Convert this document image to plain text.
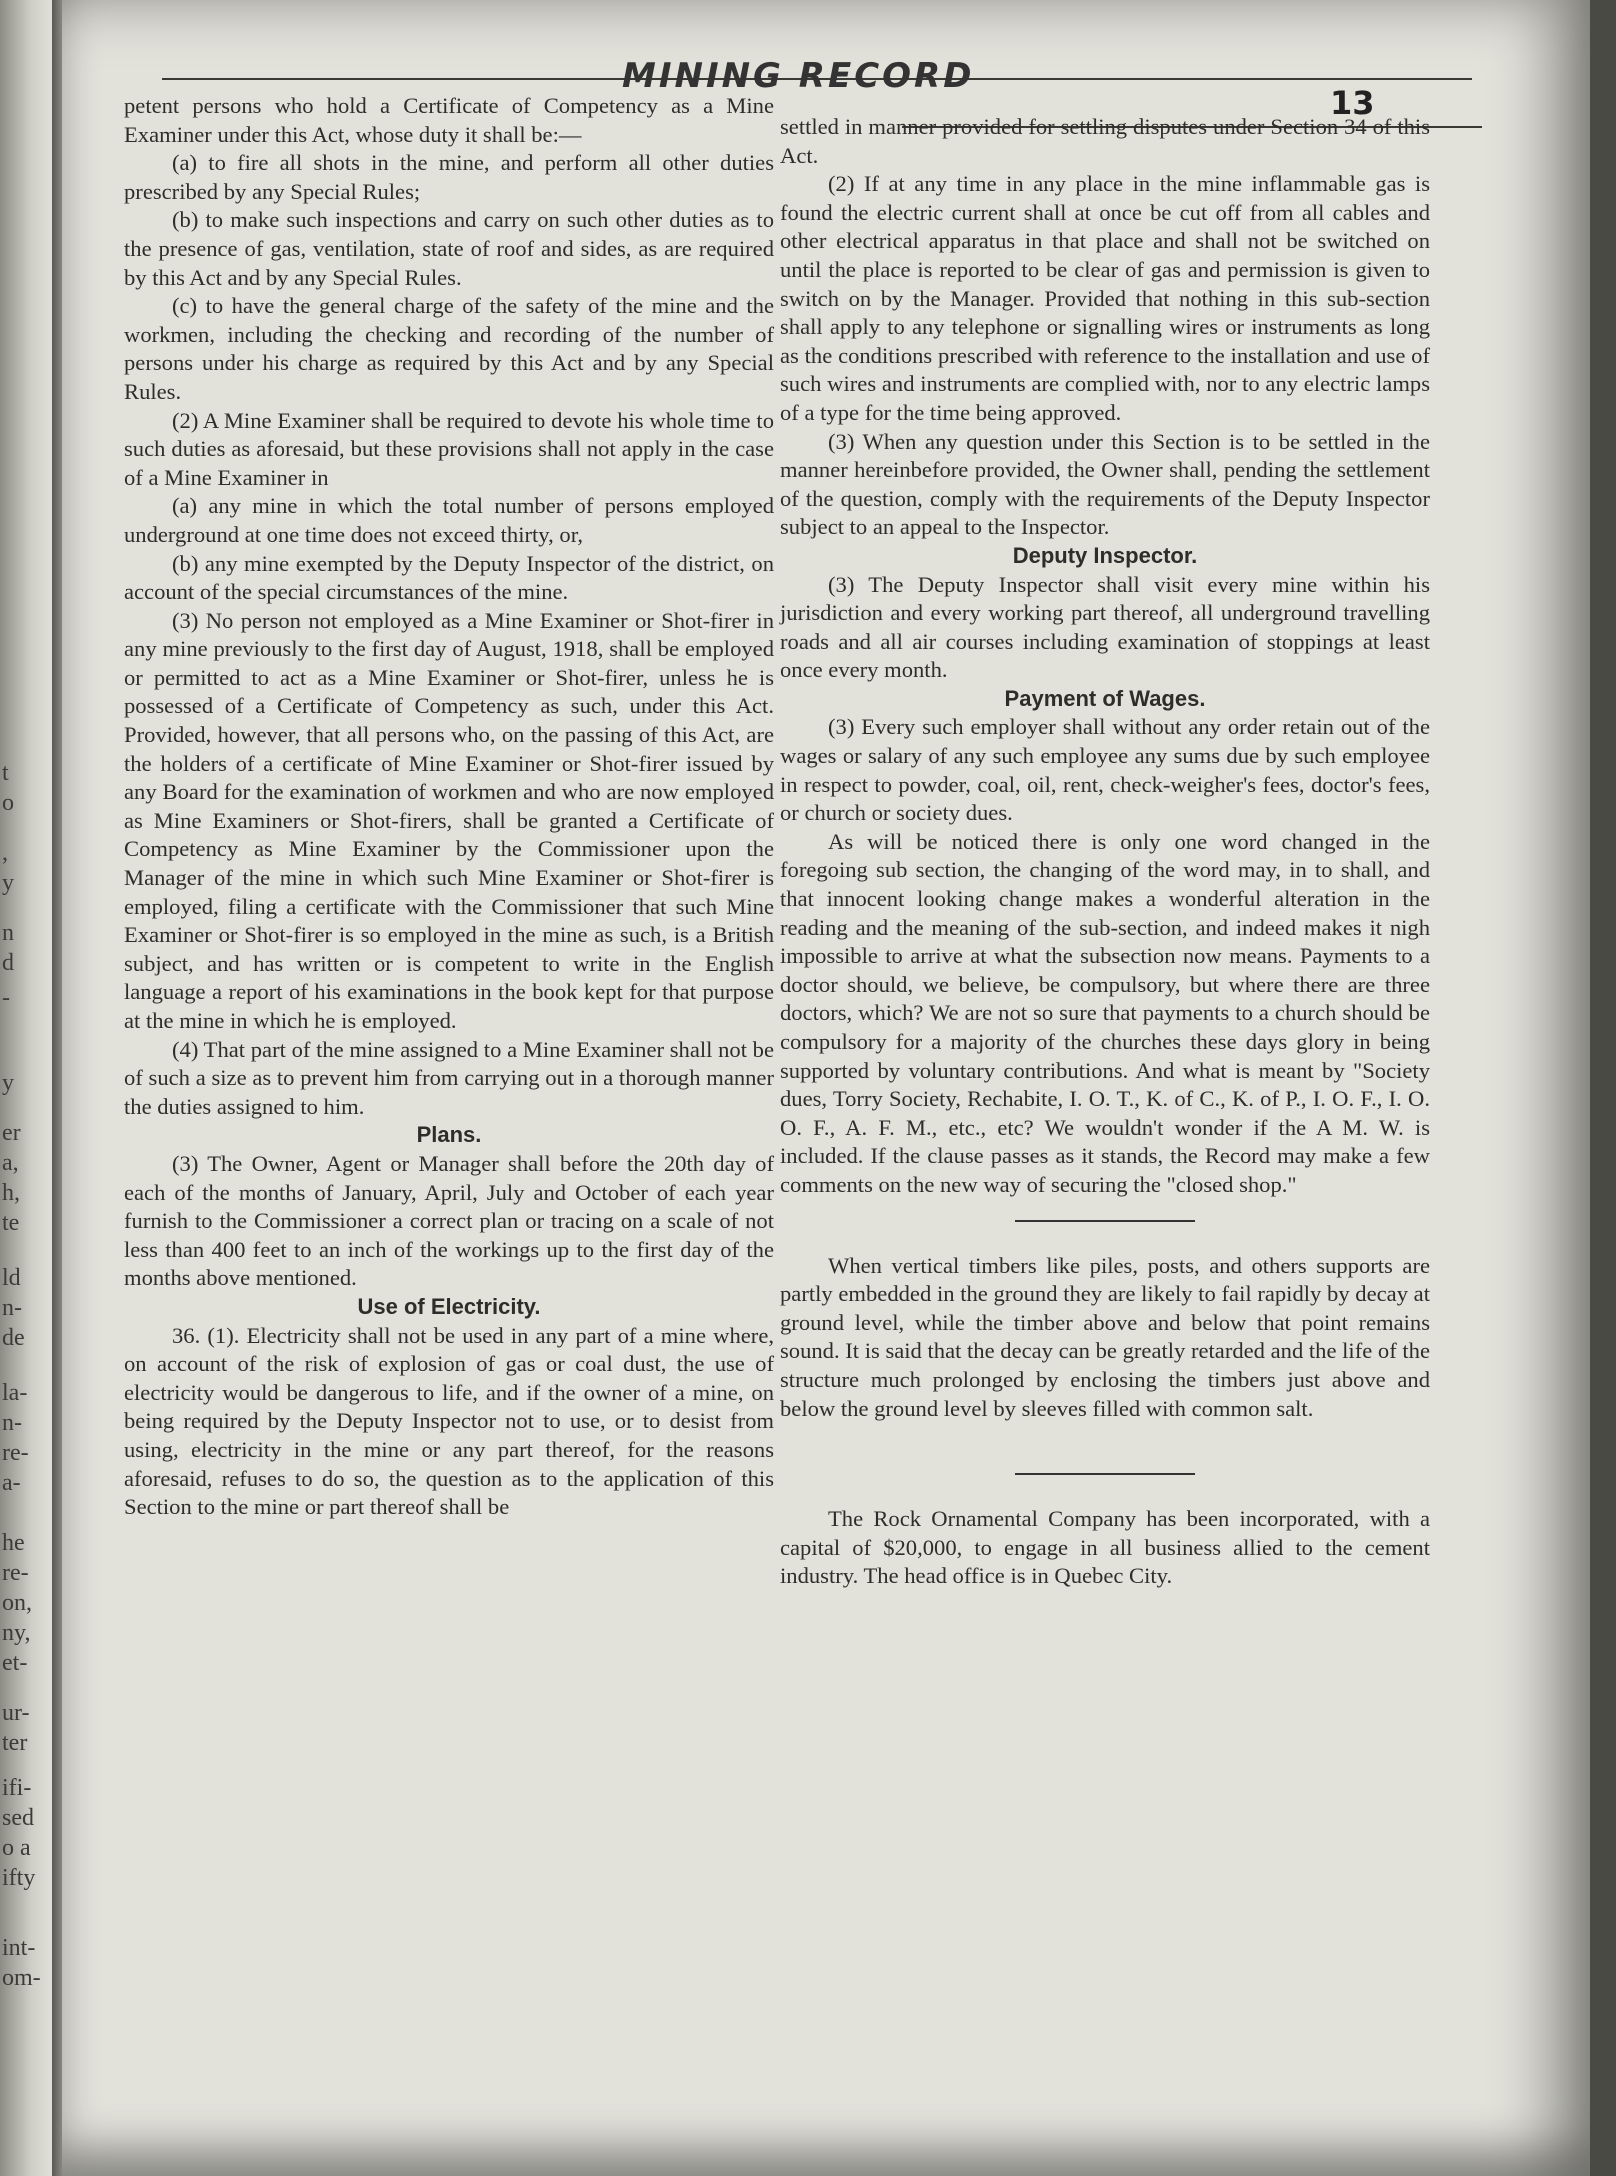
t
o
,
y
n
d
-
y
er
a,
h,
te
ld
n-
de
la-
n-
re-
a-
he
re-
on,
ny,
et-
ur-
ter
ifi-
sed
o a
ifty
int-
om-
MINING RECORD
13

petent persons who hold a Certificate of Competency as a Mine Examiner under this Act, whose duty it shall be:—

(a) to fire all shots in the mine, and perform all other duties prescribed by any Special Rules;

(b) to make such inspections and carry on such other duties as to the presence of gas, ventilation, state of roof and sides, as are required by this Act and by any Special Rules.

(c) to have the general charge of the safety of the mine and the workmen, including the checking and recording of the number of persons under his charge as required by this Act and by any Special Rules.

(2) A Mine Examiner shall be required to devote his whole time to such duties as aforesaid, but these provisions shall not apply in the case of a Mine Examiner in

(a) any mine in which the total number of persons employed underground at one time does not exceed thirty, or,

(b) any mine exempted by the Deputy Inspector of the district, on account of the special circumstances of the mine.

(3) No person not employed as a Mine Examiner or Shot-firer in any mine previously to the first day of August, 1918, shall be employed or permitted to act as a Mine Examiner or Shot-firer, unless he is possessed of a Certificate of Competency as such, under this Act. Provided, however, that all persons who, on the passing of this Act, are the holders of a certificate of Mine Examiner or Shot-firer issued by any Board for the examination of workmen and who are now employed as Mine Examiners or Shot-firers, shall be granted a Certificate of Competency as Mine Examiner by the Commissioner upon the Manager of the mine in which such Mine Examiner or Shot-firer is employed, filing a certificate with the Commissioner that such Mine Examiner or Shot-firer is so employed in the mine as such, is a British subject, and has written or is competent to write in the English language a report of his examinations in the book kept for that purpose at the mine in which he is employed.

(4) That part of the mine assigned to a Mine Examiner shall not be of such a size as to prevent him from carrying out in a thorough manner the duties assigned to him.

Plans.

(3) The Owner, Agent or Manager shall before the 20th day of each of the months of January, April, July and October of each year furnish to the Commissioner a correct plan or tracing on a scale of not less than 400 feet to an inch of the workings up to the first day of the months above mentioned.

Use of Electricity.

36. (1). Electricity shall not be used in any part of a mine where, on account of the risk of explosion of gas or coal dust, the use of electricity would be dangerous to life, and if the owner of a mine, on being required by the Deputy Inspector not to use, or to desist from using, electricity in the mine or any part thereof, for the reasons aforesaid, refuses to do so, the question as to the application of this Section to the mine or part thereof shall be

settled in manner provided for settling disputes under Section 34 of this Act.

(2) If at any time in any place in the mine inflammable gas is found the electric current shall at once be cut off from all cables and other electrical apparatus in that place and shall not be switched on until the place is reported to be clear of gas and permission is given to switch on by the Manager. Provided that nothing in this sub-section shall apply to any telephone or signalling wires or instruments as long as the conditions prescribed with reference to the installation and use of such wires and instruments are complied with, nor to any electric lamps of a type for the time being approved.

(3) When any question under this Section is to be settled in the manner hereinbefore provided, the Owner shall, pending the settlement of the question, comply with the requirements of the Deputy Inspector subject to an appeal to the Inspector.

Deputy Inspector.

(3) The Deputy Inspector shall visit every mine within his jurisdiction and every working part thereof, all underground travelling roads and all air courses including examination of stoppings at least once every month.

Payment of Wages.

(3) Every such employer shall without any order retain out of the wages or salary of any such employee any sums due by such employee in respect to powder, coal, oil, rent, check-weigher's fees, doctor's fees, or church or society dues.

As will be noticed there is only one word changed in the foregoing sub section, the changing of the word may, in to shall, and that innocent looking change makes a wonderful alteration in the reading and the meaning of the sub-section, and indeed makes it nigh impossible to arrive at what the subsection now means. Payments to a doctor should, we believe, be compulsory, but where there are three doctors, which? We are not so sure that payments to a church should be compulsory for a majority of the churches these days glory in being supported by voluntary contributions. And what is meant by "Society dues, Torry Society, Rechabite, I. O. T., K. of C., K. of P., I. O. F., I. O. O. F., A. F. M., etc., etc? We wouldn't wonder if the A M. W. is included. If the clause passes as it stands, the Record may make a few comments on the new way of securing the "closed shop."

When vertical timbers like piles, posts, and others supports are partly embedded in the ground they are likely to fail rapidly by decay at ground level, while the timber above and below that point remains sound. It is said that the decay can be greatly retarded and the life of the structure much prolonged by enclosing the timbers just above and below the ground level by sleeves filled with common salt.

The Rock Ornamental Company has been incorporated, with a capital of $20,000, to engage in all business allied to the cement industry. The head office is in Quebec City.
